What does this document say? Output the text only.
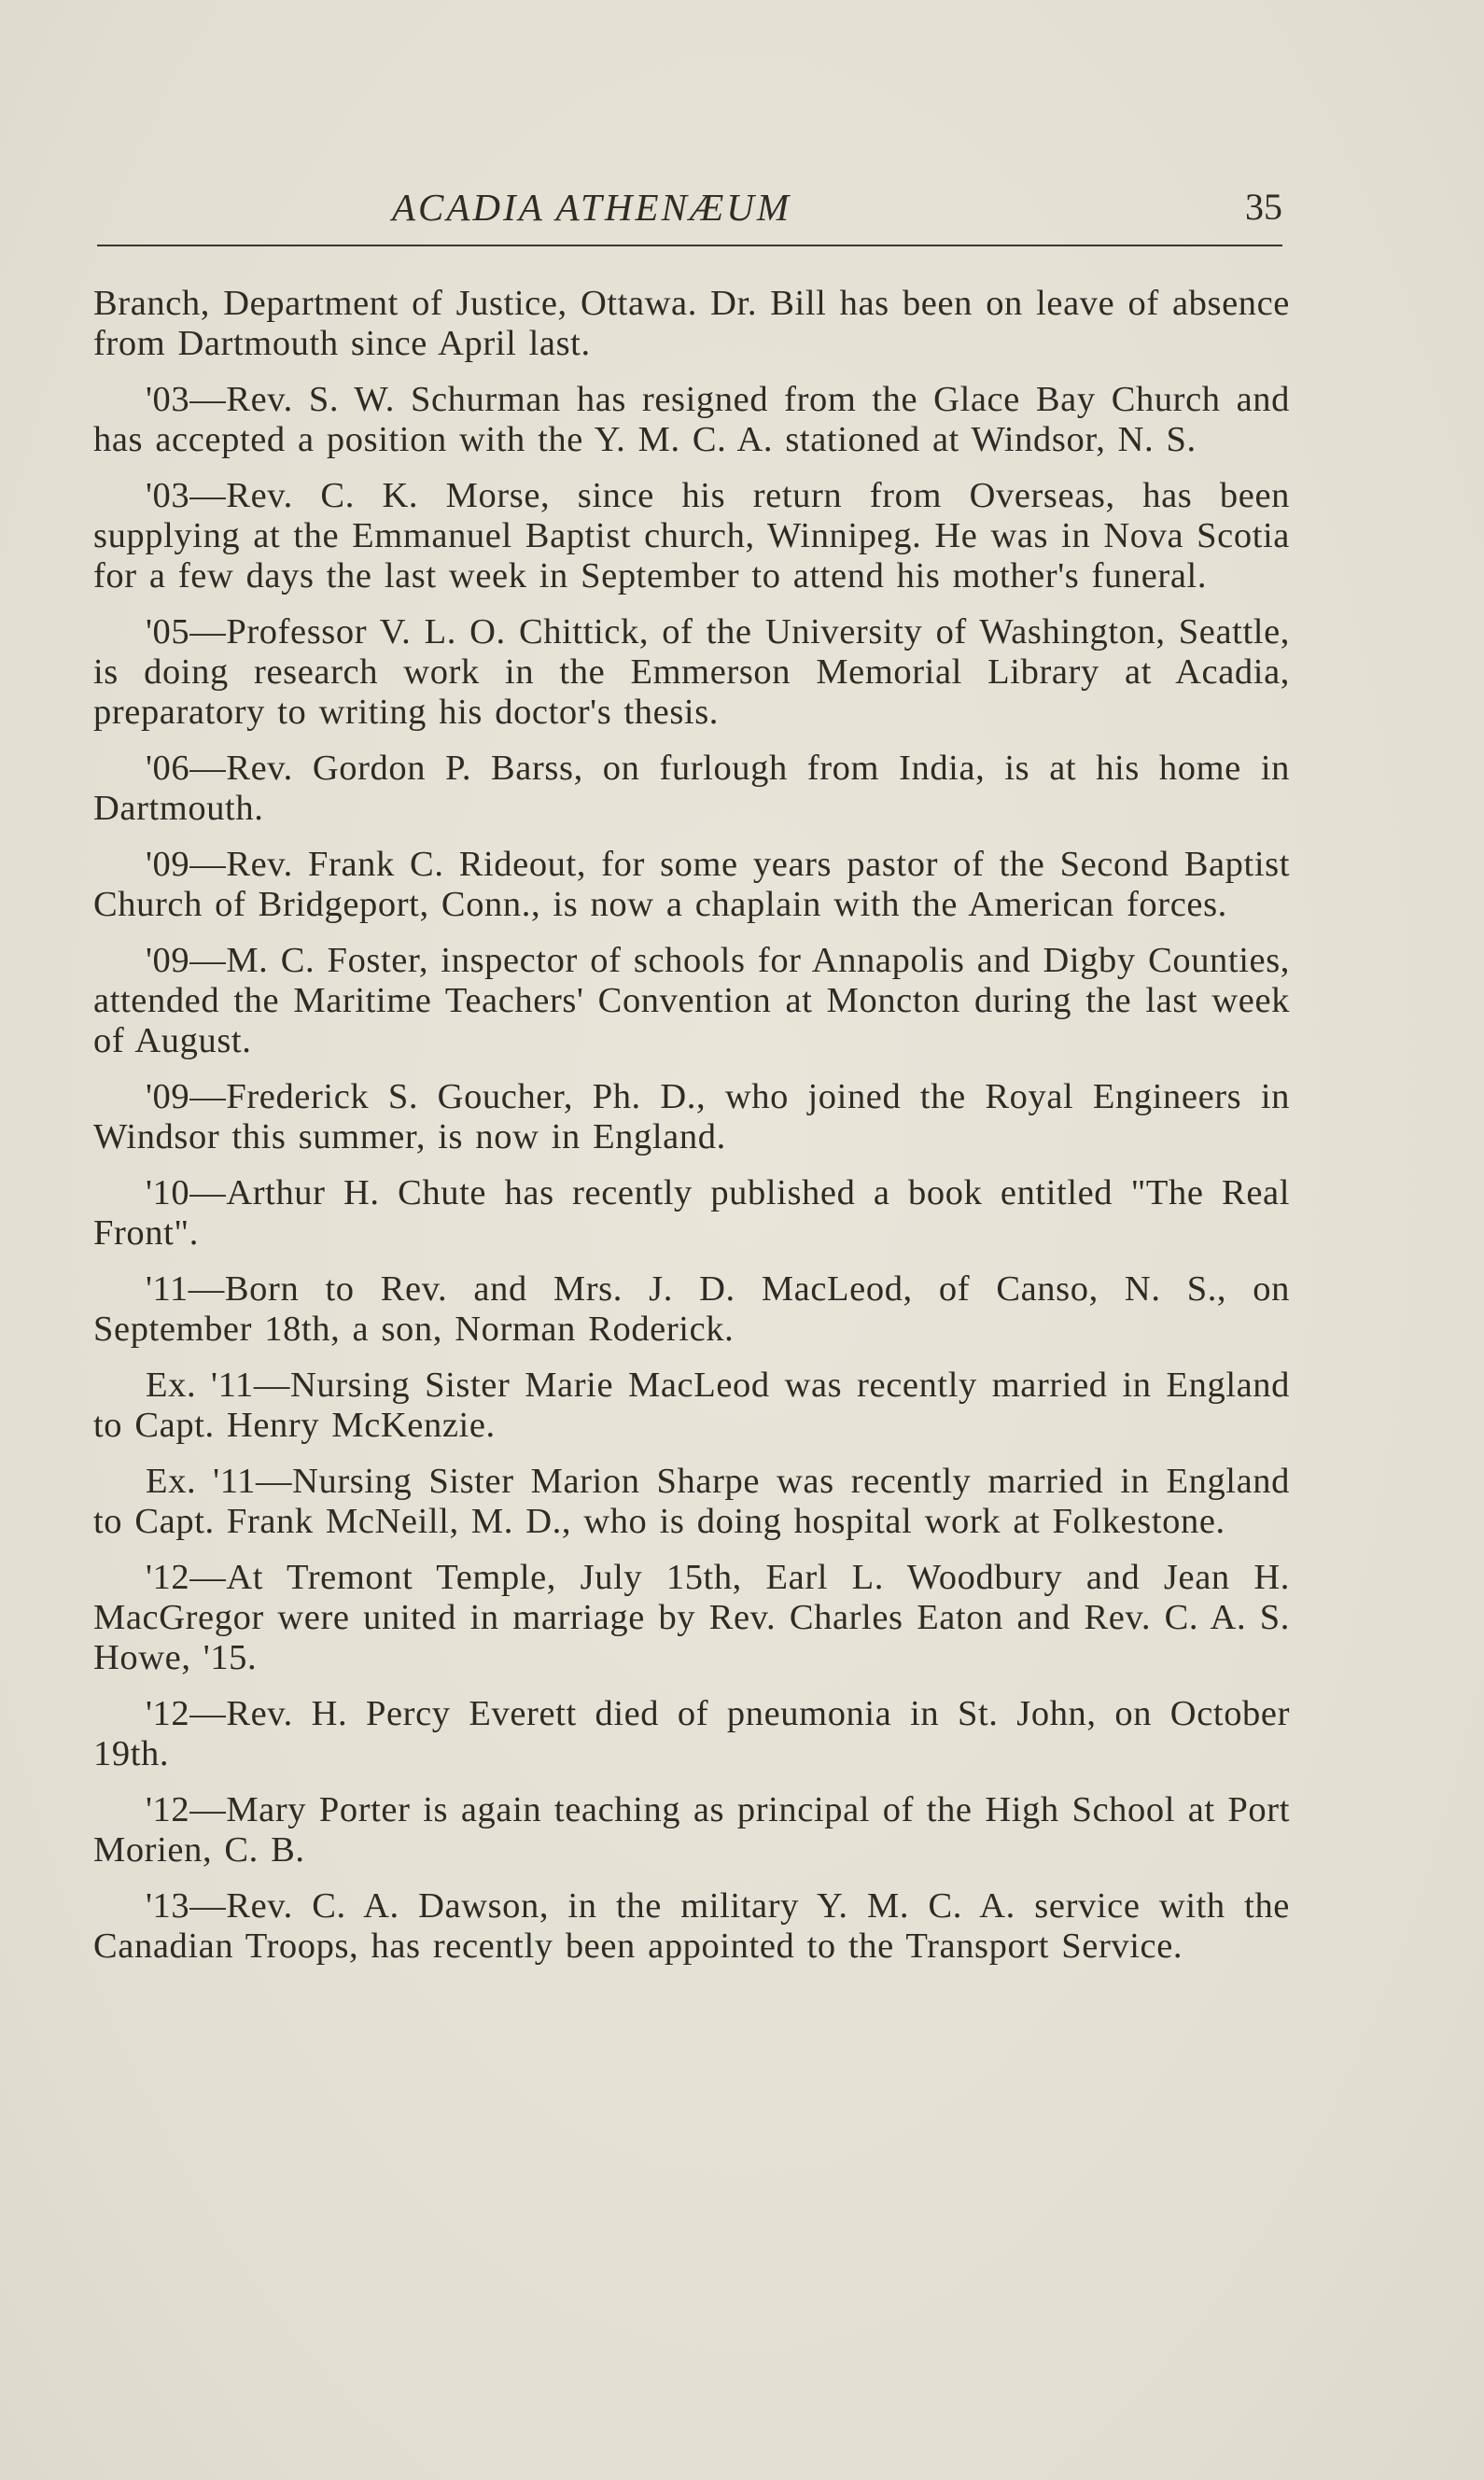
ACADIA ATHENÆUM	35

Branch, Department of Justice, Ottawa. Dr. Bill has been on leave of absence from Dartmouth since April last.

'03—Rev. S. W. Schurman has resigned from the Glace Bay Church and has accepted a position with the Y. M. C. A. stationed at Windsor, N. S.

'03—Rev. C. K. Morse, since his return from Overseas, has been supplying at the Emmanuel Baptist church, Winnipeg. He was in Nova Scotia for a few days the last week in September to attend his mother's funeral.

'05—Professor V. L. O. Chittick, of the University of Washington, Seattle, is doing research work in the Emmerson Memorial Library at Acadia, preparatory to writing his doctor's thesis.

'06—Rev. Gordon P. Barss, on furlough from India, is at his home in Dartmouth.

'09—Rev. Frank C. Rideout, for some years pastor of the Second Baptist Church of Bridgeport, Conn., is now a chaplain with the American forces.

'09—M. C. Foster, inspector of schools for Annapolis and Digby Counties, attended the Maritime Teachers' Convention at Moncton during the last week of August.

'09—Frederick S. Goucher, Ph. D., who joined the Royal Engineers in Windsor this summer, is now in England.

'10—Arthur H. Chute has recently published a book entitled "The Real Front".

'11—Born to Rev. and Mrs. J. D. MacLeod, of Canso, N. S., on September 18th, a son, Norman Roderick.

Ex. '11—Nursing Sister Marie MacLeod was recently married in England to Capt. Henry McKenzie.

Ex. '11—Nursing Sister Marion Sharpe was recently married in England to Capt. Frank McNeill, M. D., who is doing hospital work at Folkestone.

'12—At Tremont Temple, July 15th, Earl L. Woodbury and Jean H. MacGregor were united in marriage by Rev. Charles Eaton and Rev. C. A. S. Howe, '15.

'12—Rev. H. Percy Everett died of pneumonia in St. John, on October 19th.

'12—Mary Porter is again teaching as principal of the High School at Port Morien, C. B.

'13—Rev. C. A. Dawson, in the military Y. M. C. A. service with the Canadian Troops, has recently been appointed to the Transport Service.
